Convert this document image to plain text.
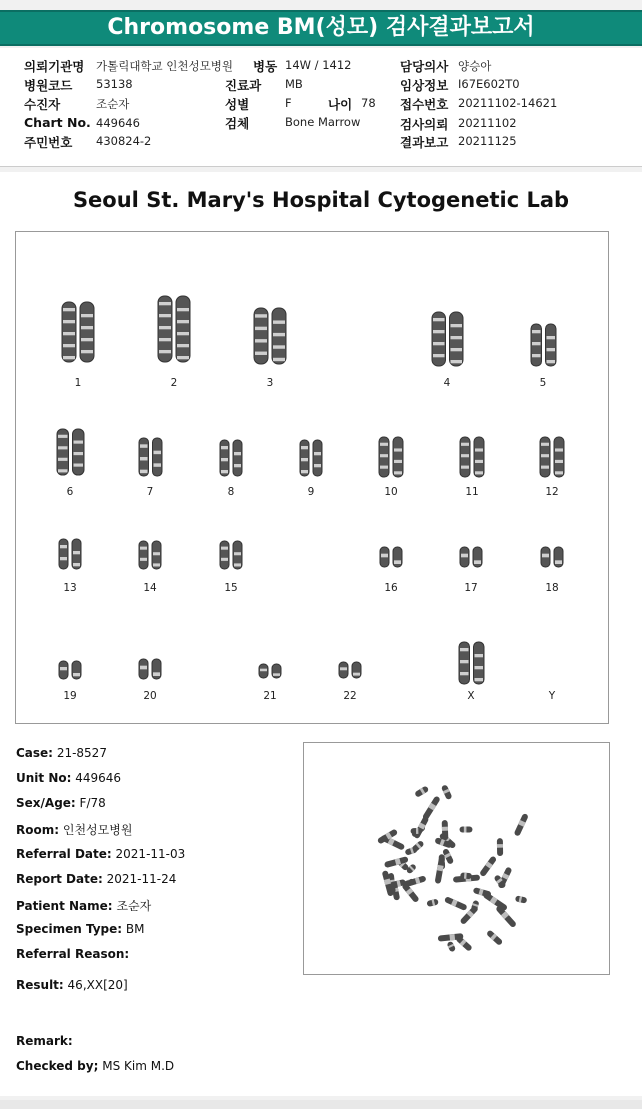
Chromosome BM(성모) 검사결과보고서
의뢰기관명 가톨릭대학교 인천성모병원 병동 14W / 1412	담당의사 양승아
병원코드 53138	진료과 MB	임상정보 I67E602T0
수진자	조순자	성별	F	나이 78 접수번호 20211102-14621
Chart No. 449646	검체	Bone Marrow	검사의뢰 20211102
주민번호 430824-2	결과보고 20211125
Seoul St. Mary's Hospital Cytogenetic Lab
1	2	3	4	5
6	7	8	9	10	11	12
13	14	15	16	17	18
19	20	21	22	X	Y
Case: 21-8527
Unit No: 449646
Sex/Age: F/78
Room: 인천성모병원
Referral Date: 2021-11-03
Report Date: 2021-11-24
Patient Name: 조순자
Specimen Type: BM
Referral Reason:
Result: 46,XX[20]
Remark:
Checked by; MS Kim M.D
